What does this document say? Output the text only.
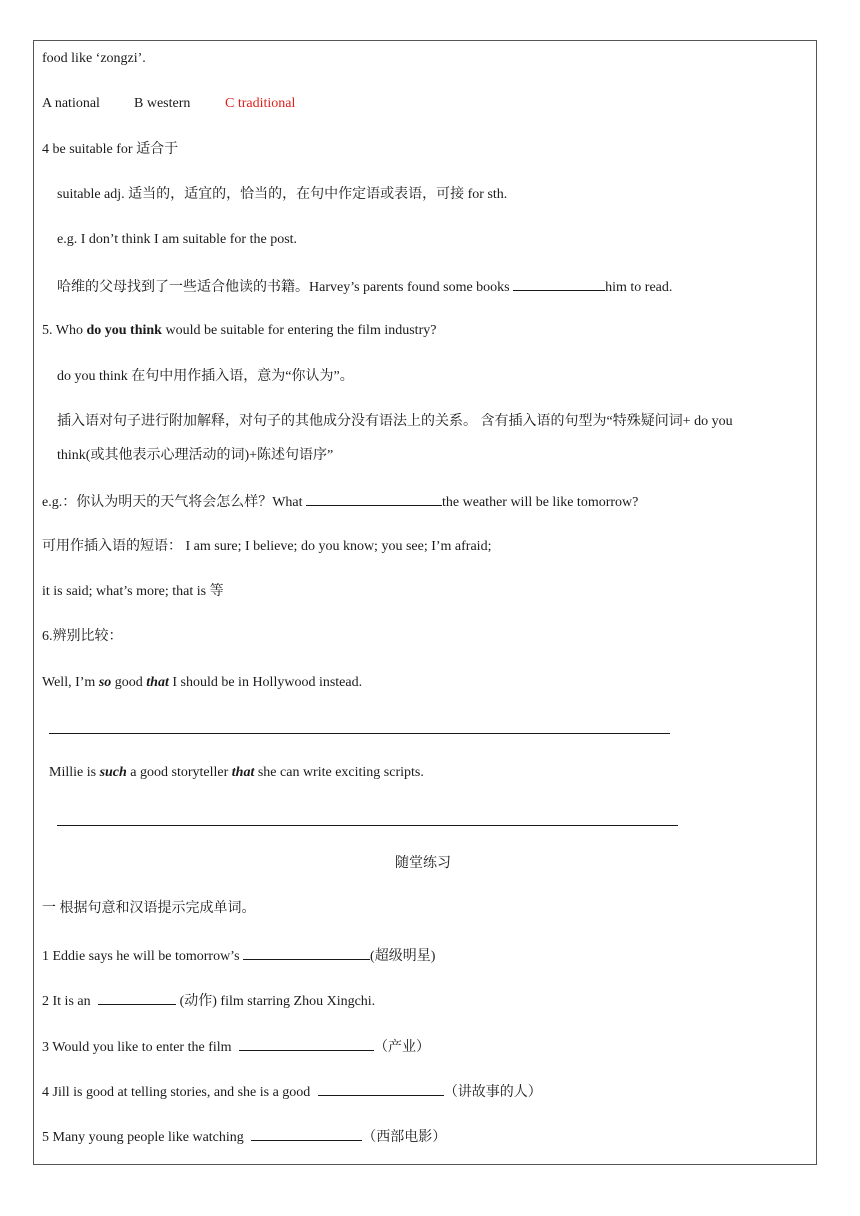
food like ‘zongzi’.
A national B western C traditional
4 be suitable for 适合于
suitable adj. 适当的，适宜的，恰当的，在句中作定语或表语，可接 for sth.
e.g. I don’t think I am suitable for the post.
哈维的父母找到了一些适合他读的书籍。Harvey’s parents found some books	him to read.
5. Who do you think would be suitable for entering the film industry?
do you think 在句中用作插入语，意为“你认为”。
插入语对句子进行附加解释，对句子的其他成分没有语法上的关系。 含有插入语的句型为“特殊疑问词+ do you
think(或其他表示心理活动的词)+陈述句语序”
e.g.：你认为明天的天气将会怎么样？What	the weather will be like tomorrow?
可用作插入语的短语： I am sure; I believe; do you know; you see; I’m afraid;
it is said; what’s more; that is 等
6.辨别比较：
Well, I’m so good that I should be in Hollywood instead.
Millie is such a good storyteller that she can write exciting scripts.
随堂练习
一 根据句意和汉语提示完成单词。
1 Eddie says he will be tomorrow’s	(超级明星)
2 It is an	(动作) film starring Zhou Xingchi.
3 Would you like to enter the film	（产业）
4 Jill is good at telling stories, and she is a good	（讲故事的人）
5 Many young people like watching	（西部电影）
